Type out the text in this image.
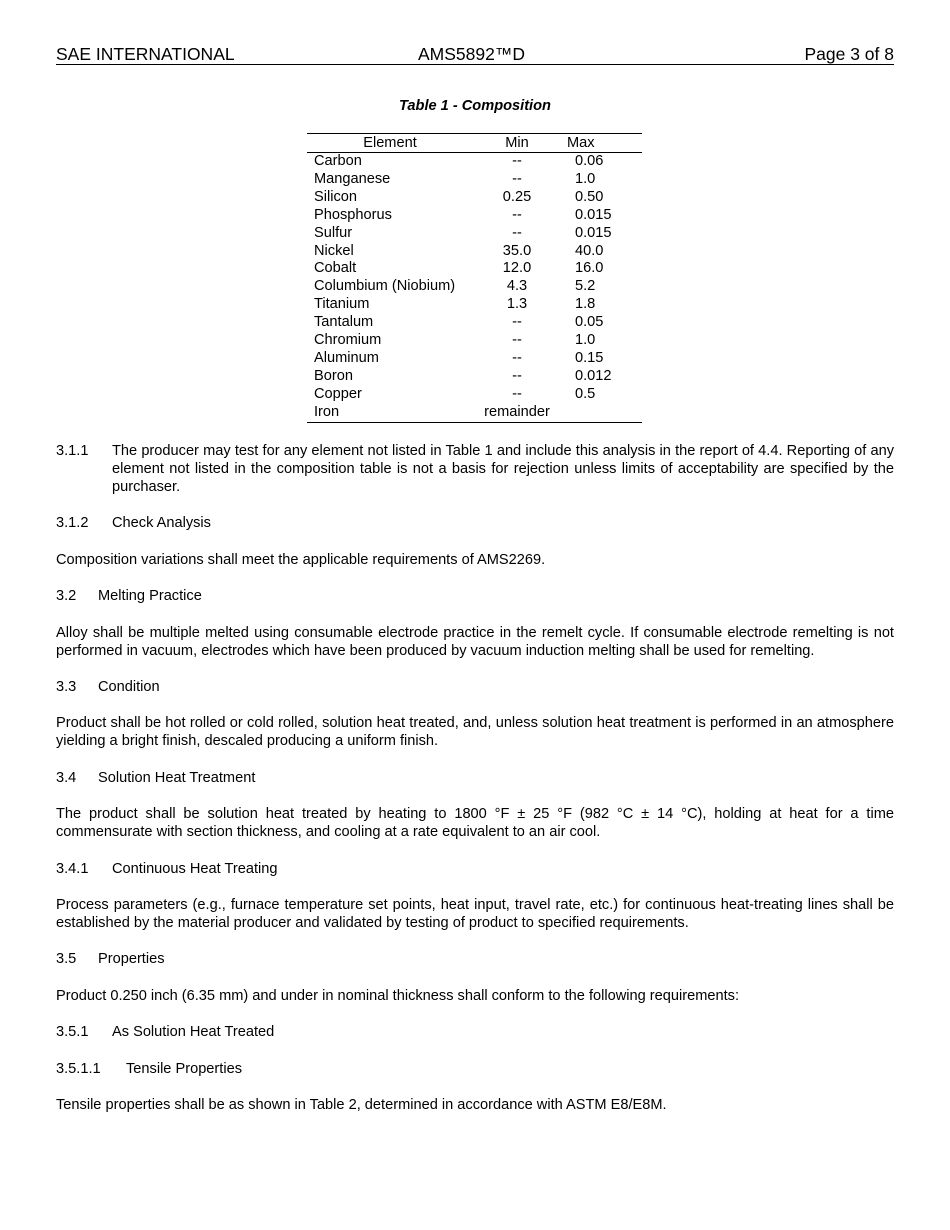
SAE INTERNATIONAL	AMS5892™D	Page 3 of 8
Table 1 - Composition
Element	Min	Max
Carbon	--	0.06
Manganese	--	1.0
Silicon	0.25	0.50
Phosphorus	--	0.015
Sulfur	--	0.015
Nickel	35.0	40.0
Cobalt	12.0	16.0
Columbium (Niobium)	4.3	5.2
Titanium	1.3	1.8
Tantalum	--	0.05
Chromium	--	1.0
Aluminum	--	0.15
Boron	--	0.012
Copper	--	0.5
Iron	remainder	
3.1.1 The producer may test for any element not listed in Table 1 and include this analysis in the report of 4.4. Reporting of any element not listed in the composition table is not a basis for rejection unless limits of acceptability are specified by the purchaser.
3.1.2 Check Analysis
Composition variations shall meet the applicable requirements of AMS2269.
3.2 Melting Practice
Alloy shall be multiple melted using consumable electrode practice in the remelt cycle. If consumable electrode remelting is not performed in vacuum, electrodes which have been produced by vacuum induction melting shall be used for remelting.
3.3 Condition
Product shall be hot rolled or cold rolled, solution heat treated, and, unless solution heat treatment is performed in an atmosphere yielding a bright finish, descaled producing a uniform finish.
3.4 Solution Heat Treatment
The product shall be solution heat treated by heating to 1800 °F ± 25 °F (982 °C ± 14 °C), holding at heat for a time commensurate with section thickness, and cooling at a rate equivalent to an air cool.
3.4.1 Continuous Heat Treating
Process parameters (e.g., furnace temperature set points, heat input, travel rate, etc.) for continuous heat-treating lines shall be established by the material producer and validated by testing of product to specified requirements.
3.5 Properties
Product 0.250 inch (6.35 mm) and under in nominal thickness shall conform to the following requirements:
3.5.1 As Solution Heat Treated
3.5.1.1 Tensile Properties
Tensile properties shall be as shown in Table 2, determined in accordance with ASTM E8/E8M.
